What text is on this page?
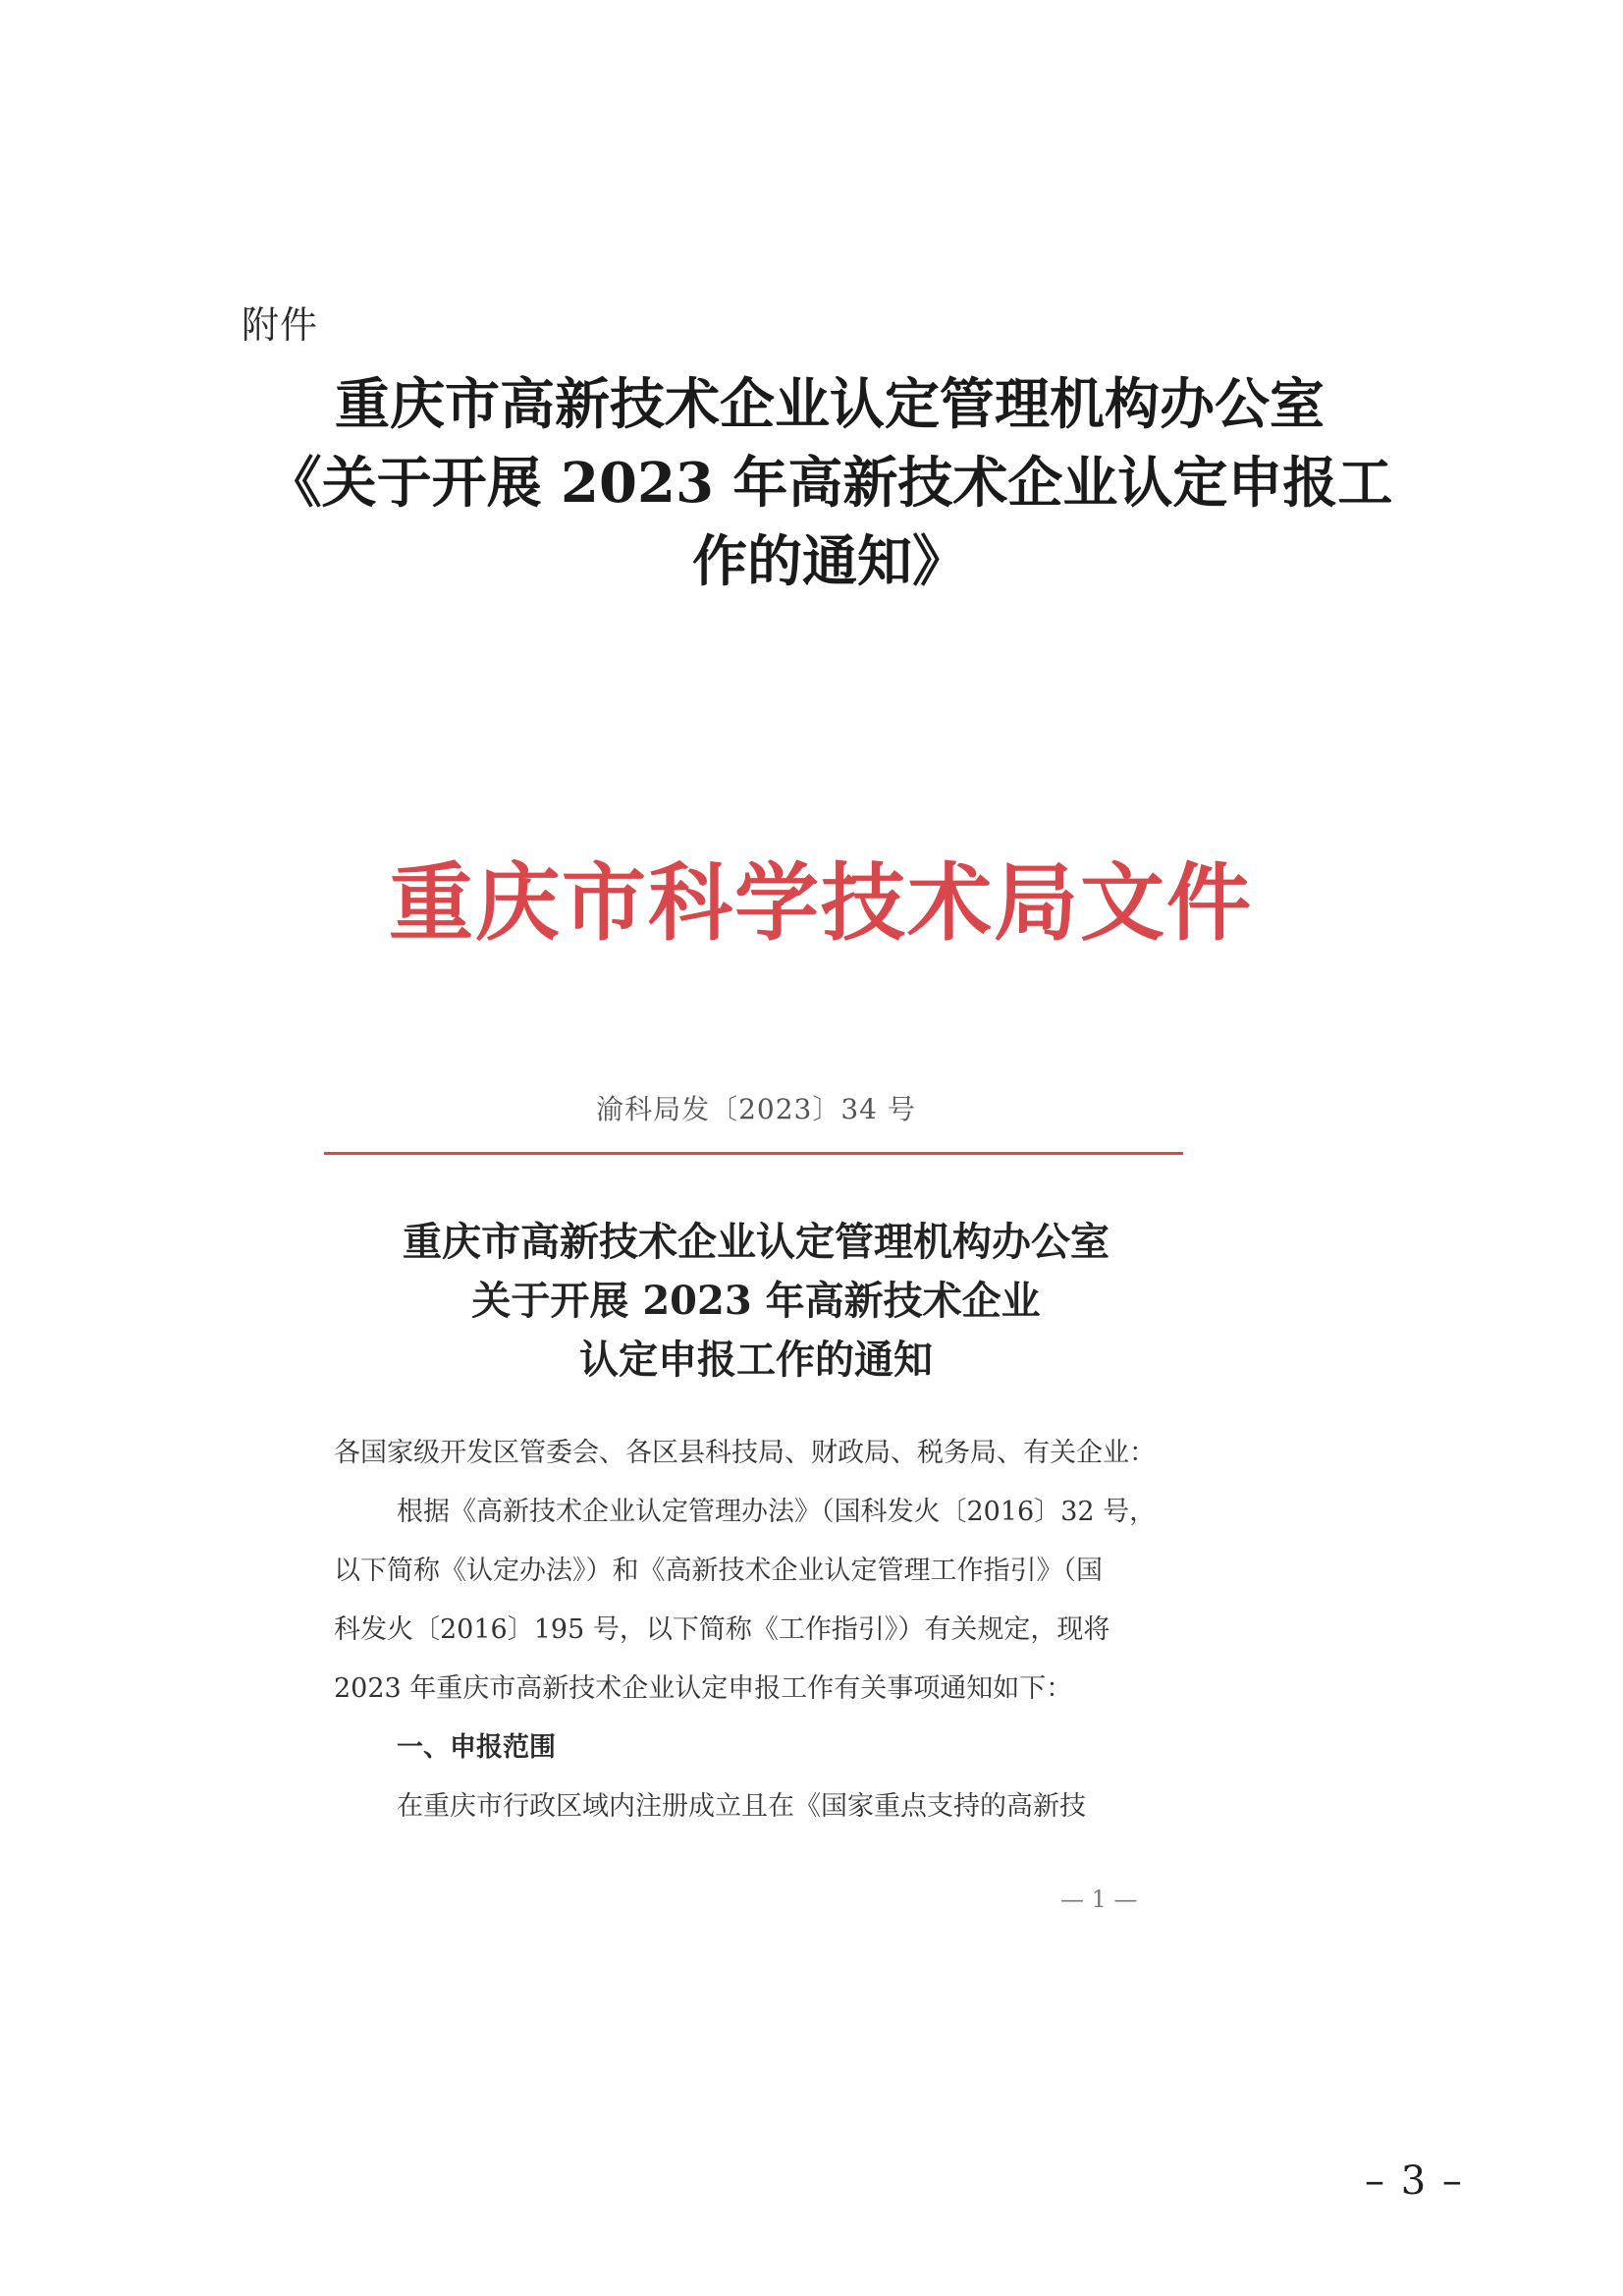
附件
重庆市高新技术企业认定管理机构办公室
《关于开展 2023 年高新技术企业认定申报工
作的通知》
重庆市科学技术局文件
渝科局发〔2023〕34 号
重庆市高新技术企业认定管理机构办公室
关于开展 2023 年高新技术企业
认定申报工作的通知

各国家级开发区管委会、各区县科技局、财政局、税务局、有关企业：

根据《高新技术企业认定管理办法》（国科发火〔2016〕32 号，

以下简称《认定办法》）和《高新技术企业认定管理工作指引》（国

科发火〔2016〕195 号，以下简称《工作指引》）有关规定，现将

2023 年重庆市高新技术企业认定申报工作有关事项通知如下：

一、申报范围

在重庆市行政区域内注册成立且在《国家重点支持的高新技

— 1 —
– 3 –
